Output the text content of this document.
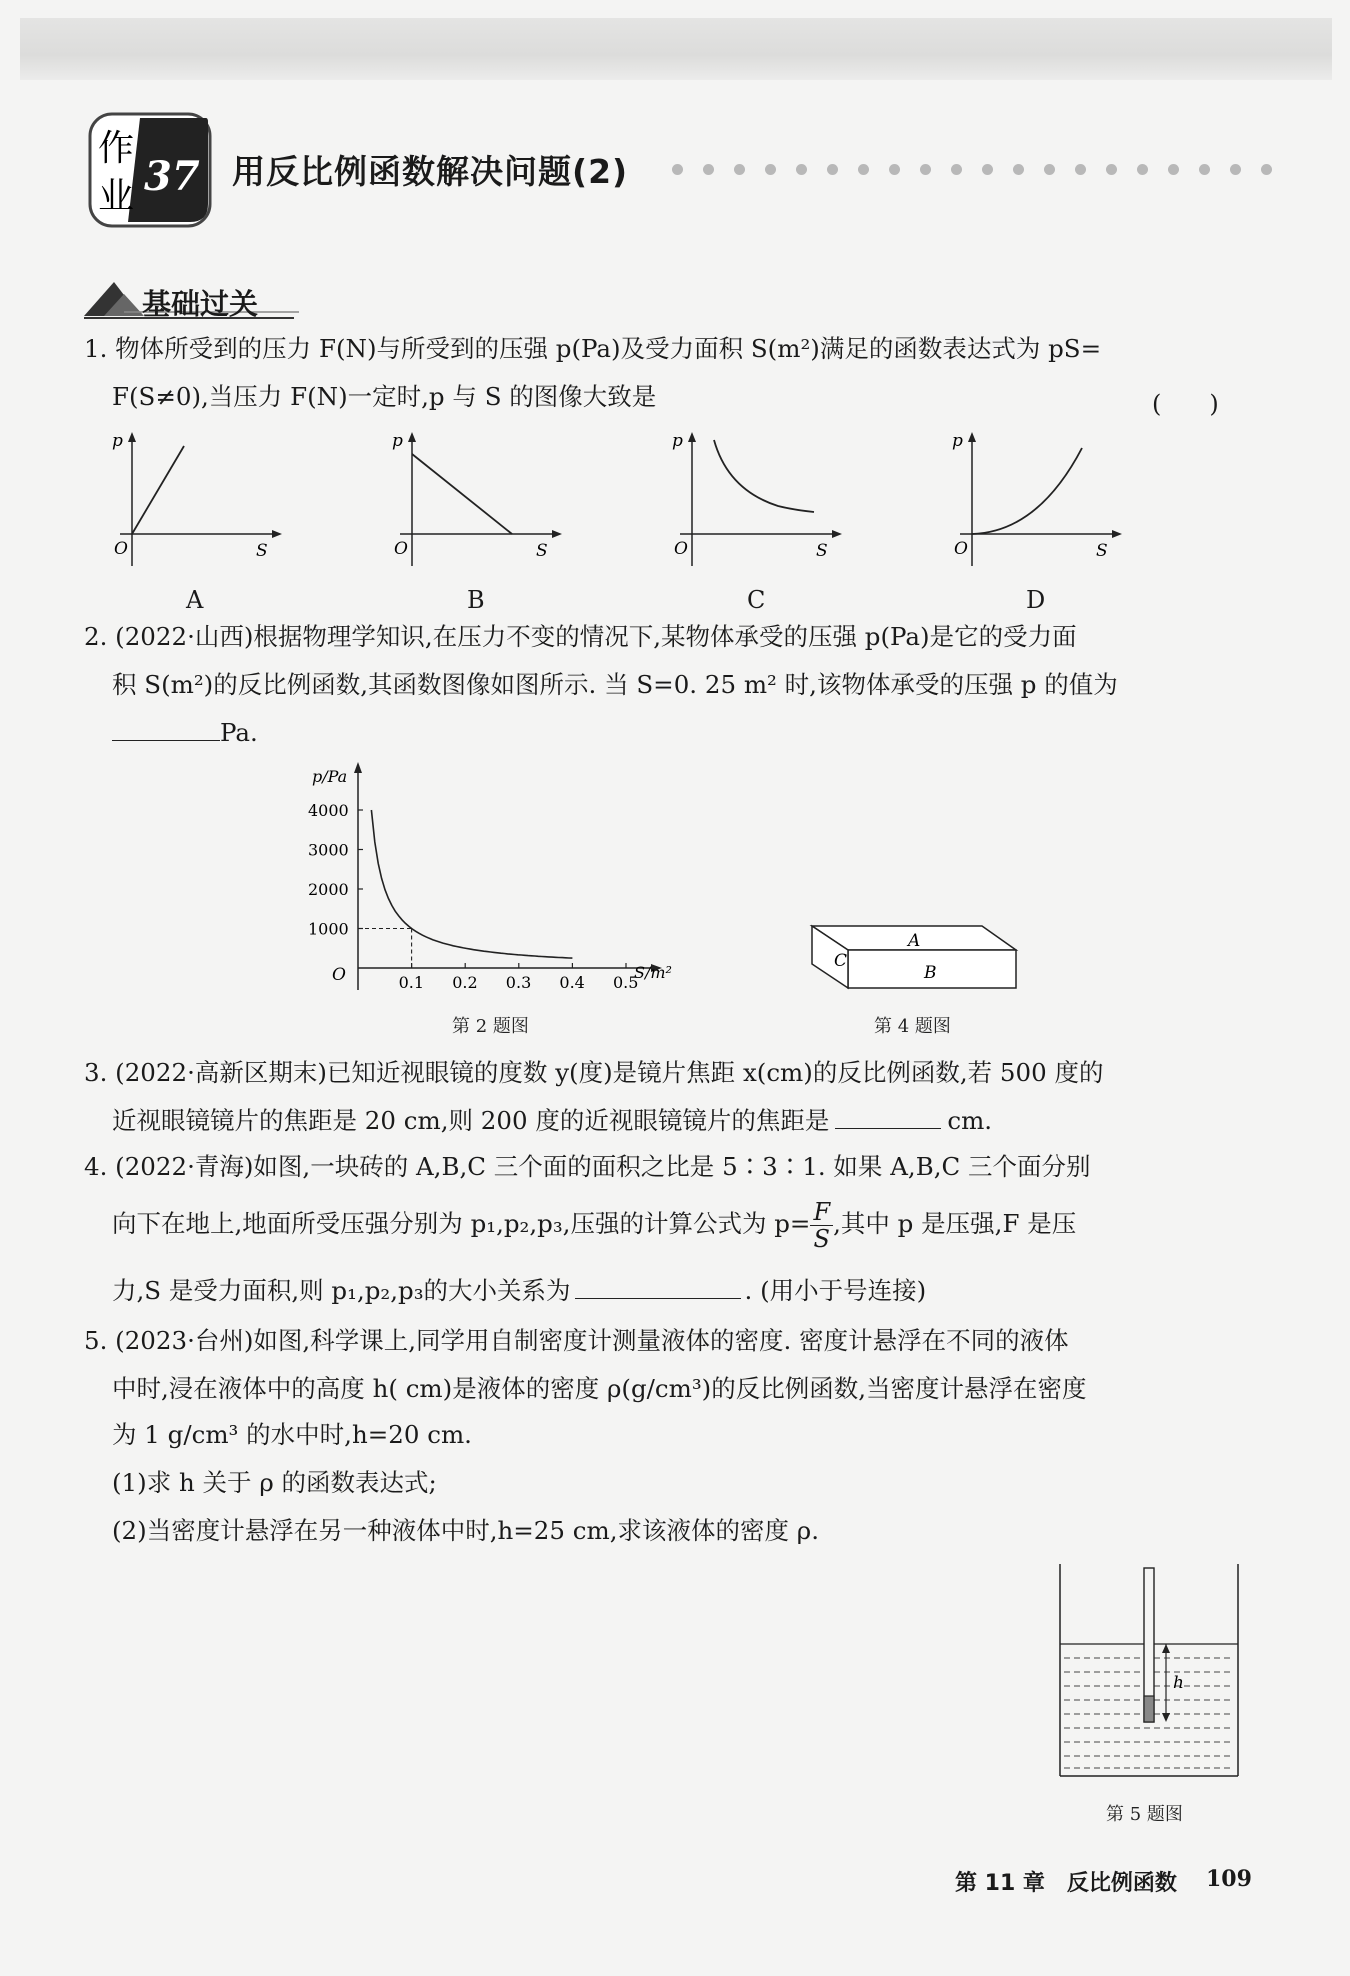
作
业 37 用反比例函数解决问题(2)
基础过关
1. 物体所受到的压力 F(N)与所受到的压强 p(Pa)及受力面积 S(m²)满足的函数表达式为 pS=
F(S≠0),当压力 F(N)一定时,p 与 S 的图像大致是	(　　)
p
O	S
p
O	S
p
O	S
p
O	S
A	B	C	D
2. (2022·山西)根据物理学知识,在压力不变的情况下,某物体承受的压强 p(Pa)是它的受力面
积 S(m²)的反比例函数,其函数图像如图所示. 当 S=0. 25 m² 时,该物体承受的压强 p 的值为
Pa.
p/Pa
S/m²
O	0.1 0.2 0.3 0.4 0.5
1000
2000
3000
4000
第 2 题图
A
B
C
第 4 题图
3. (2022·高新区期末)已知近视眼镜的度数 y(度)是镜片焦距 x(cm)的反比例函数,若 500 度的
近视眼镜镜片的焦距是 20 cm,则 200 度的近视眼镜镜片的焦距是	cm.
4. (2022·青海)如图,一块砖的 A,B,C 三个面的面积之比是 5∶3∶1. 如果 A,B,C 三个面分别
向下在地上,地面所受压强分别为 p₁,p₂,p₃,压强的计算公式为 $p= \frac{F}{S}$ ,其中 p 是压强,F 是压
力,S 是受力面积,则 p₁,p₂,p₃的大小关系为	. (用小于号连接)
5. (2023·台州)如图,科学课上,同学用自制密度计测量液体的密度. 密度计悬浮在不同的液体
中时,浸在液体中的高度 h( cm)是液体的密度 ρ(g/cm³)的反比例函数,当密度计悬浮在密度
为 1 g/cm³ 的水中时,h=20 cm.
(1)求 h 关于 ρ 的函数表达式;
(2)当密度计悬浮在另一种液体中时,h=25 cm,求该液体的密度 ρ.
h
第 5 题图
第 11 章　反比例函数 109
